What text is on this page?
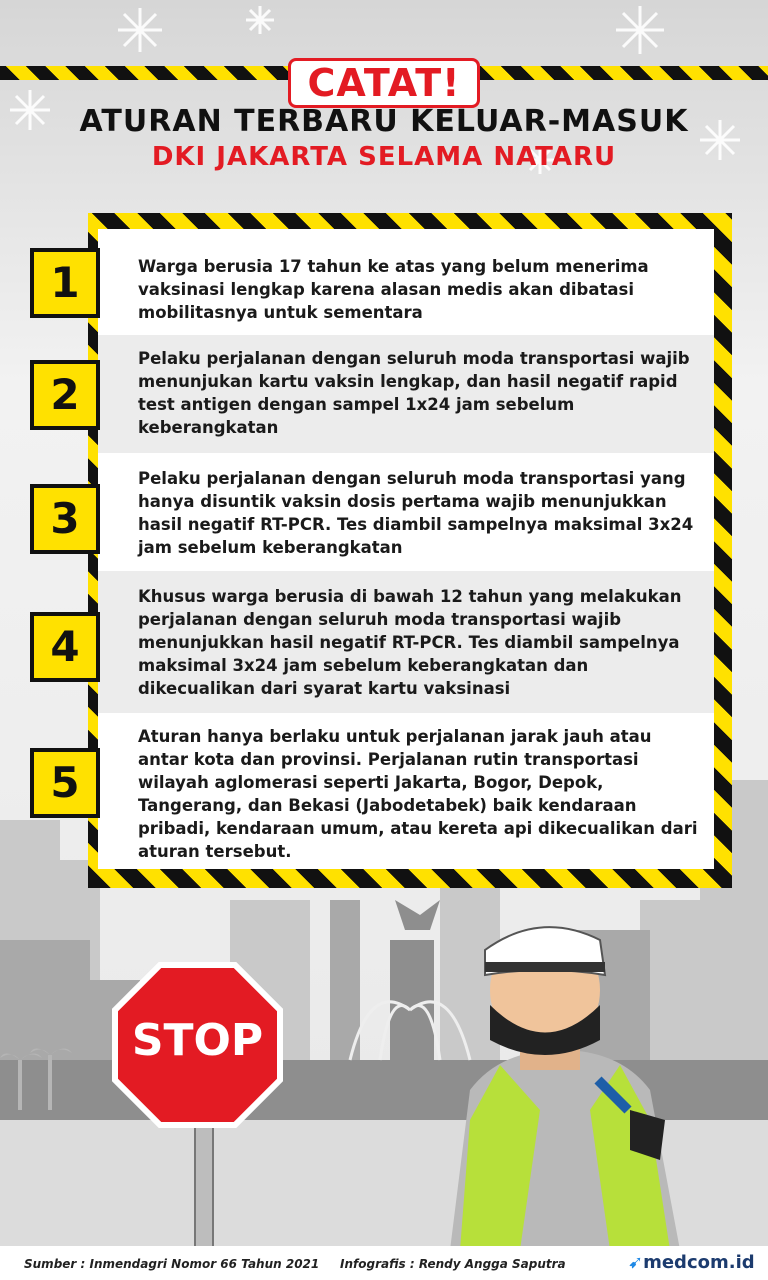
CATAT!
ATURAN TERBARU KELUAR-MASUK
DKI JAKARTA SELAMA NATARU
Warga berusia 17 tahun ke atas yang belum menerima vaksinasi lengkap karena alasan medis akan dibatasi mobilitasnya untuk sementara
Pelaku perjalanan dengan seluruh moda transportasi wajib menunjukan kartu vaksin lengkap, dan hasil negatif rapid test antigen dengan sampel 1x24 jam sebelum keberangkatan
Pelaku perjalanan dengan seluruh moda transportasi yang hanya disuntik vaksin dosis pertama wajib menunjukkan hasil negatif RT-PCR. Tes diambil sampelnya maksimal 3x24 jam sebelum keberangkatan
Khusus warga berusia di bawah 12 tahun yang melakukan perjalanan dengan seluruh moda transportasi wajib menunjukkan hasil negatif RT-PCR. Tes diambil sampelnya maksimal 3x24 jam sebelum keberangkatan dan dikecualikan dari syarat kartu vaksinasi
Aturan hanya berlaku untuk perjalanan jarak jauh atau antar kota dan provinsi. Perjalanan rutin transportasi wilayah aglomerasi seperti Jakarta, Bogor, Depok, Tangerang, dan Bekasi (Jabodetabek) baik kendaraan pribadi, kendaraan umum, atau kereta api dikecualikan dari aturan tersebut.
1
2
3
4
5
STOP
Sumber : Inmendagri Nomor 66 Tahun 2021 Infografis : Rendy Angga Saputra	➹medcom.id
